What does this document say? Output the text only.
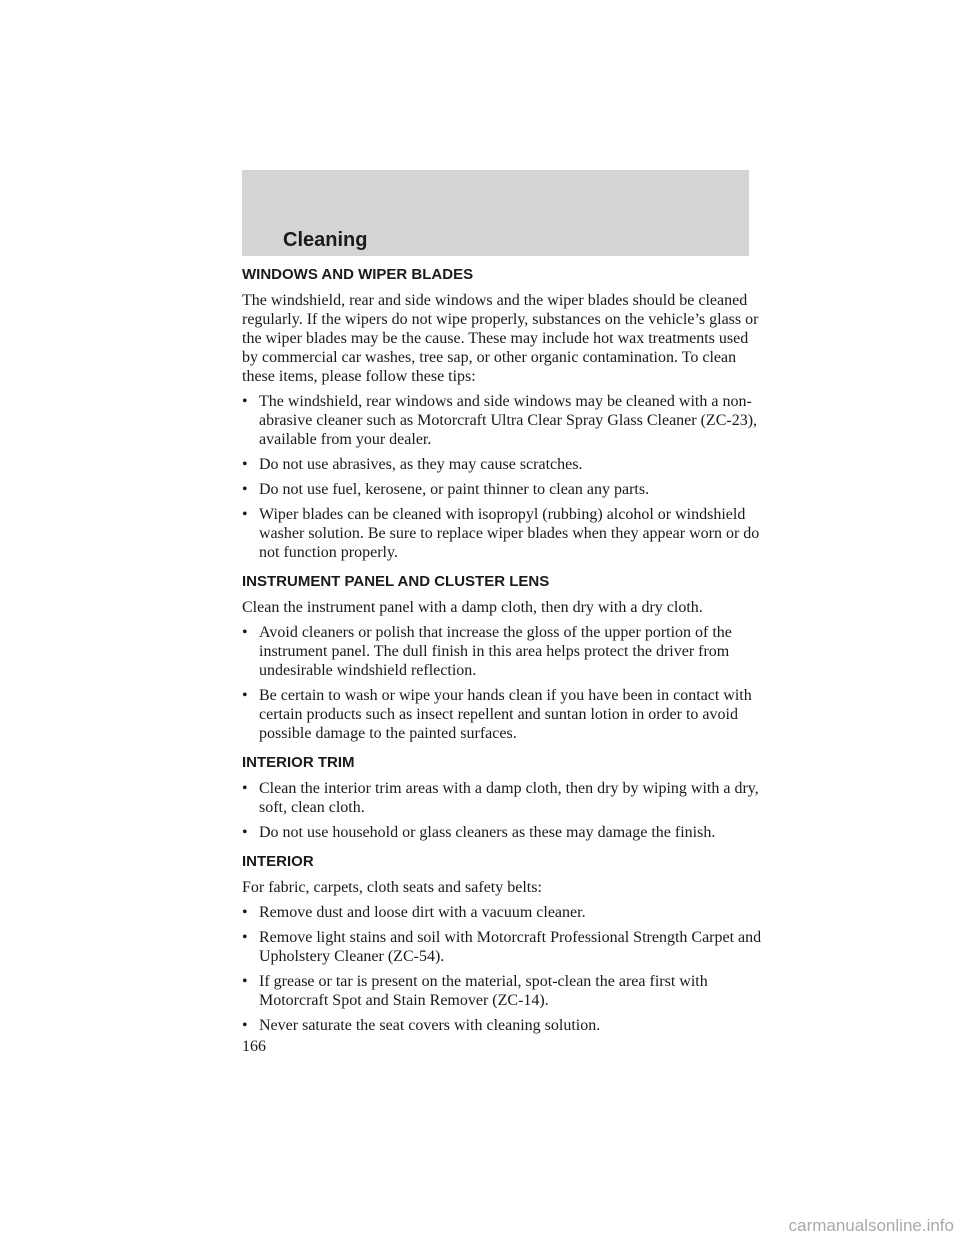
Cleaning
WINDOWS AND WIPER BLADES

The windshield, rear and side windows and the wiper blades should be cleaned regularly. If the wipers do not wipe properly, substances on the vehicle’s glass or the wiper blades may be the cause. These may include hot wax treatments used by commercial car washes, tree sap, or other organic contamination. To clean these items, please follow these tips:

• The windshield, rear windows and side windows may be cleaned with a non-abrasive cleaner such as Motorcraft Ultra Clear Spray Glass Cleaner (ZC-23), available from your dealer.
• Do not use abrasives, as they may cause scratches.
• Do not use fuel, kerosene, or paint thinner to clean any parts.
• Wiper blades can be cleaned with isopropyl (rubbing) alcohol or windshield washer solution. Be sure to replace wiper blades when they appear worn or do not function properly.
INSTRUMENT PANEL AND CLUSTER LENS

Clean the instrument panel with a damp cloth, then dry with a dry cloth.

• Avoid cleaners or polish that increase the gloss of the upper portion of the instrument panel. The dull finish in this area helps protect the driver from undesirable windshield reflection.
• Be certain to wash or wipe your hands clean if you have been in contact with certain products such as insect repellent and suntan lotion in order to avoid possible damage to the painted surfaces.
INTERIOR TRIM
• Clean the interior trim areas with a damp cloth, then dry by wiping with a dry, soft, clean cloth.
• Do not use household or glass cleaners as these may damage the finish.
INTERIOR

For fabric, carpets, cloth seats and safety belts:

• Remove dust and loose dirt with a vacuum cleaner.
• Remove light stains and soil with Motorcraft Professional Strength Carpet and Upholstery Cleaner (ZC-54).
• If grease or tar is present on the material, spot-clean the area first with Motorcraft Spot and Stain Remover (ZC-14).
• Never saturate the seat covers with cleaning solution.
166
carmanualsonline.info
